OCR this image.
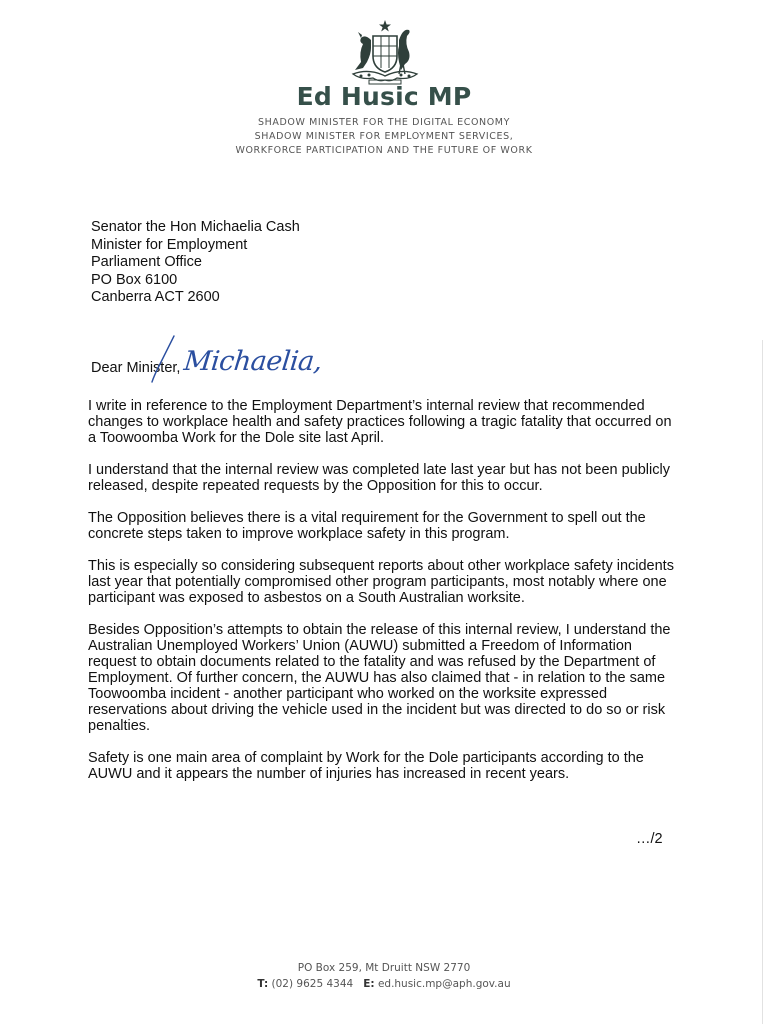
Ed Husic MP
SHADOW MINISTER FOR THE DIGITAL ECONOMY
SHADOW MINISTER FOR EMPLOYMENT SERVICES,
WORKFORCE PARTICIPATION AND THE FUTURE OF WORK
Senator the Hon Michaelia Cash
Minister for Employment
Parliament Office
PO Box 6100
Canberra ACT 2600
Dear Minister, Michaelia,

I write in reference to the Employment Department’s internal review that recommended changes to workplace health and safety practices following a tragic fatality that occurred on a Toowoomba Work for the Dole site last April.

I understand that the internal review was completed late last year but has not been publicly released, despite repeated requests by the Opposition for this to occur.

The Opposition believes there is a vital requirement for the Government to spell out the concrete steps taken to improve workplace safety in this program.

This is especially so considering subsequent reports about other workplace safety incidents last year that potentially compromised other program participants, most notably where one participant was exposed to asbestos on a South Australian worksite.

Besides Opposition’s attempts to obtain the release of this internal review, I understand the Australian Unemployed Workers’ Union (AUWU) submitted a Freedom of Information request to obtain documents related to the fatality and was refused by the Department of Employment. Of further concern, the AUWU has also claimed that - in relation to the same Toowoomba incident - another participant who worked on the worksite expressed reservations about driving the vehicle used in the incident but was directed to do so or risk penalties.

Safety is one main area of complaint by Work for the Dole participants according to the AUWU and it appears the number of injuries has increased in recent years.

…/2
PO Box 259, Mt Druitt NSW 2770
T: (02) 9625 4344 E: ed.husic.mp@aph.gov.au
